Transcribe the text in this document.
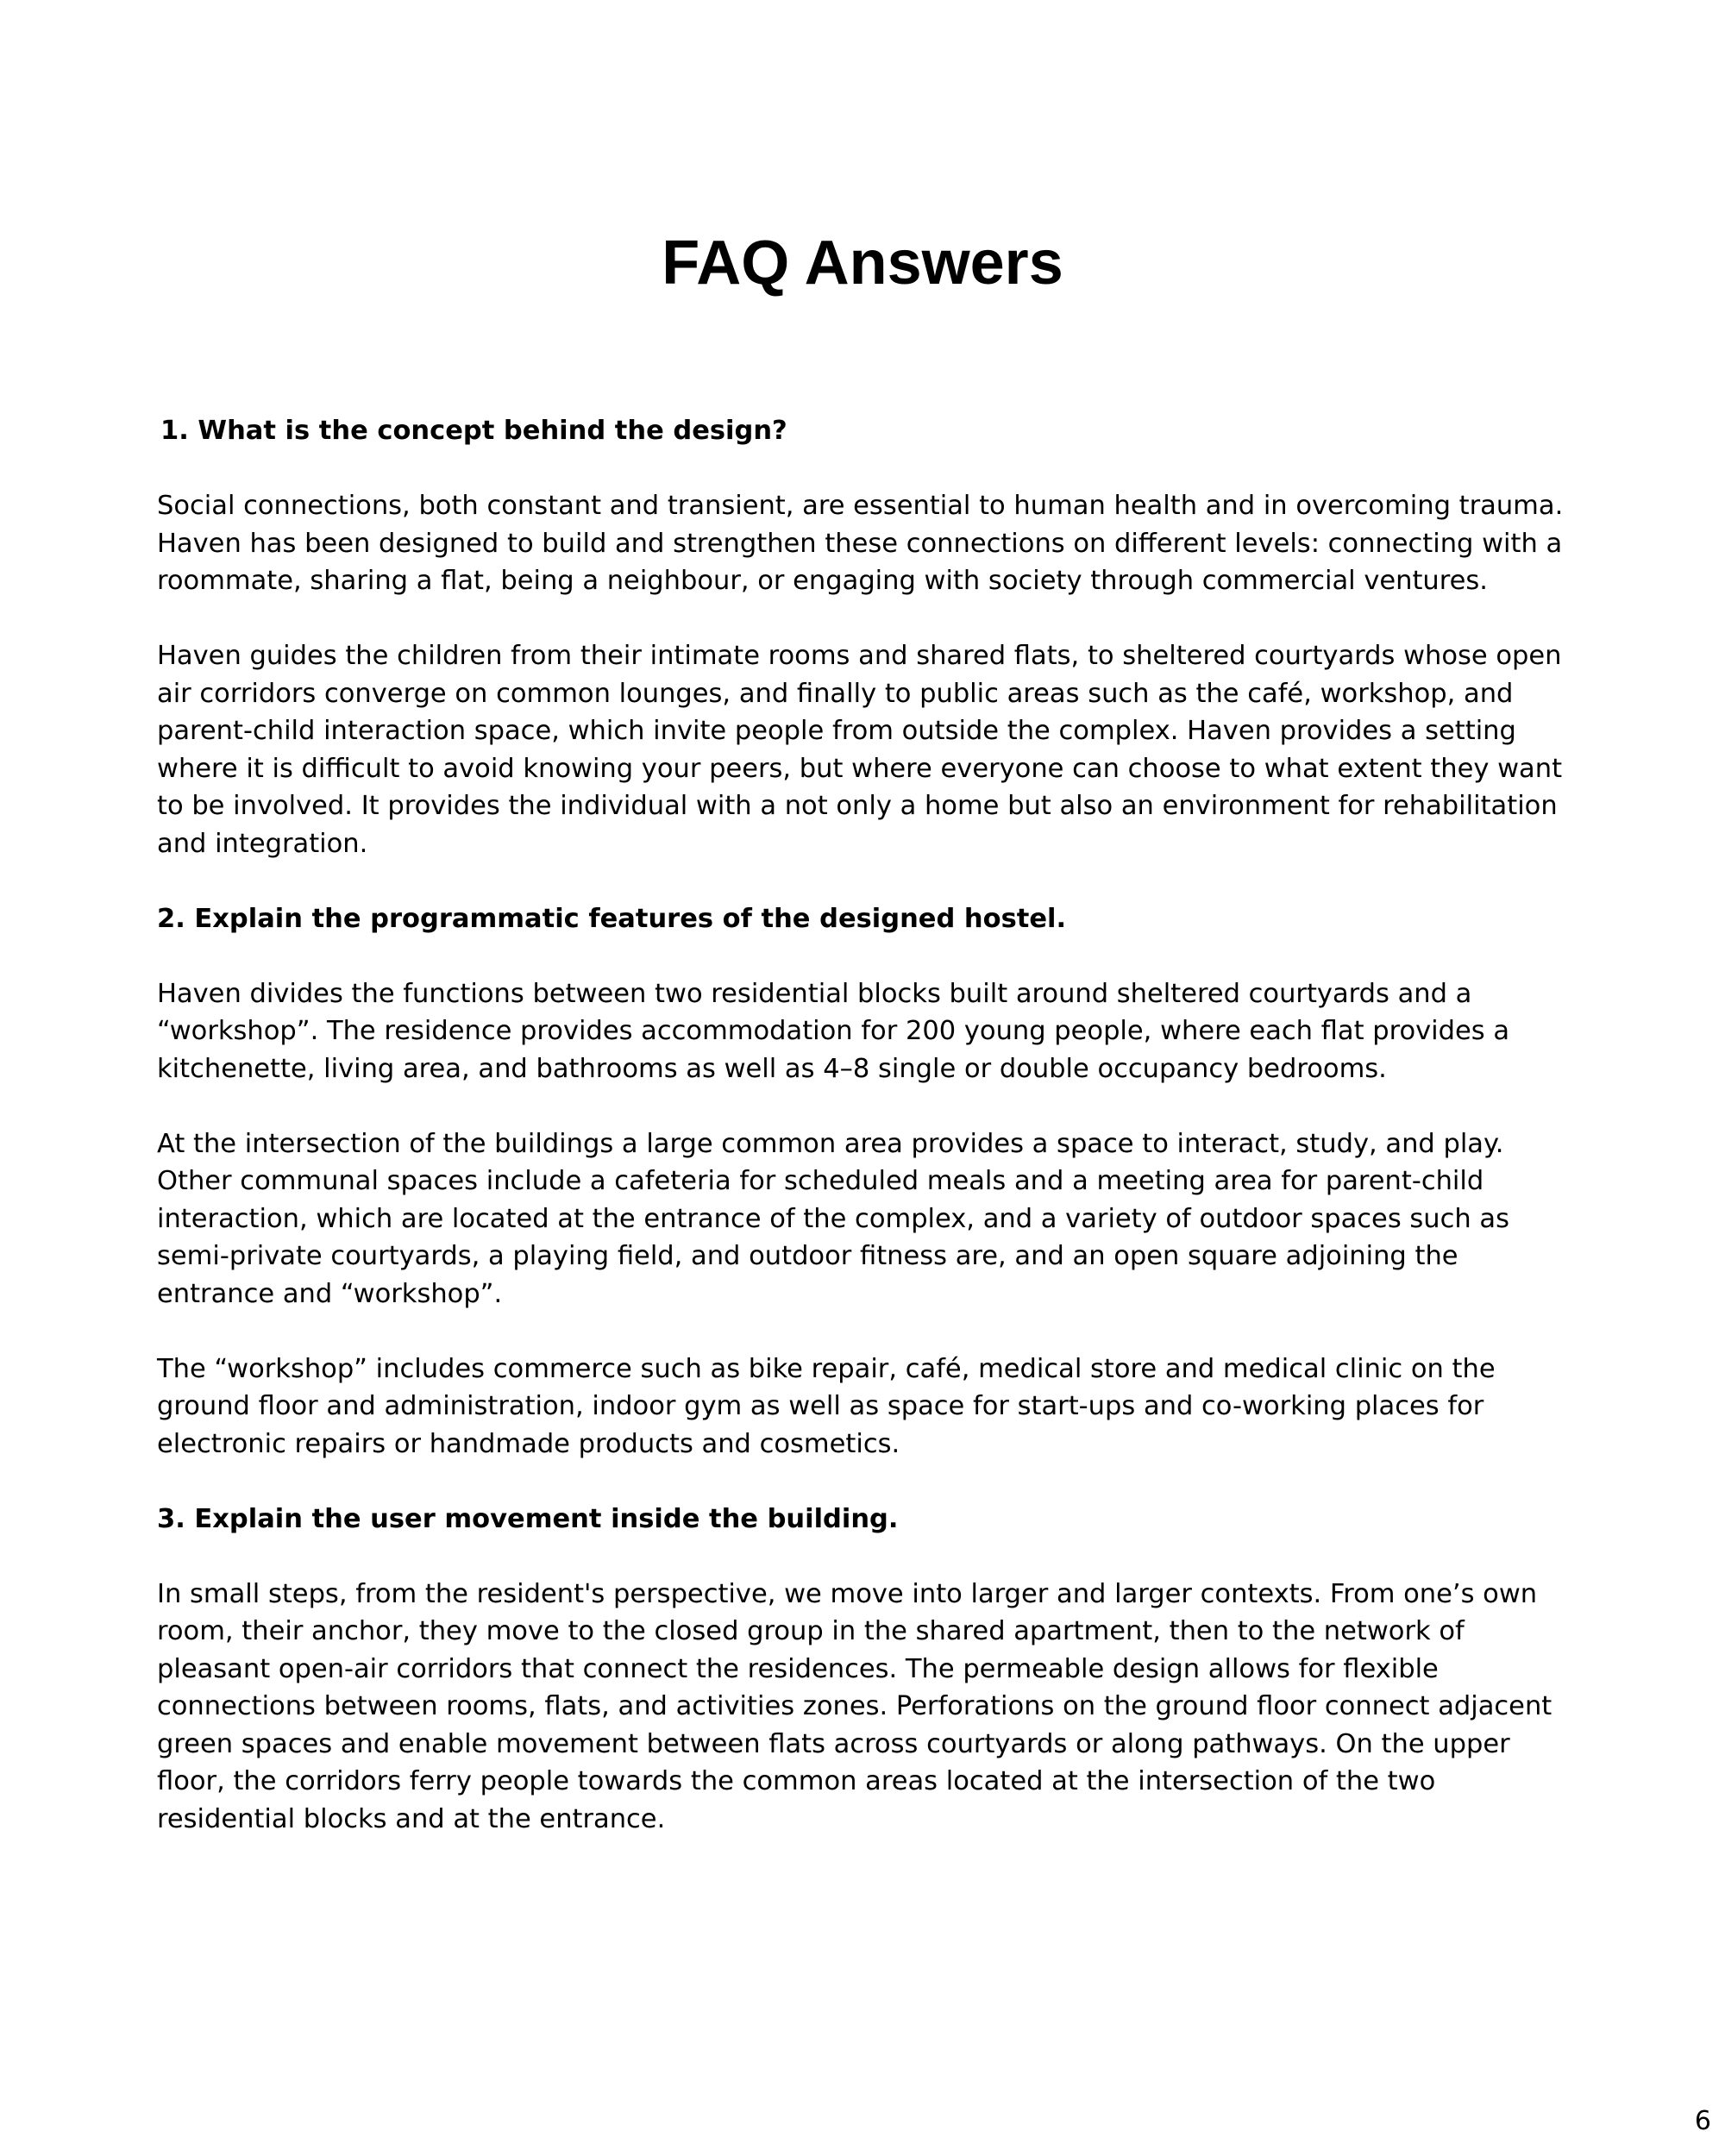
FAQ Answers

1. What is the concept behind the design?

Social connections, both constant and transient, are essential to human health and in overcoming trauma. Haven has been designed to build and strengthen these connections on different levels: connecting with a roommate, sharing a flat, being a neighbour, or engaging with society through commercial ventures.

Haven guides the children from their intimate rooms and shared flats, to sheltered courtyards whose open air corridors converge on common lounges, and finally to public areas such as the café, workshop, and parent-child interaction space, which invite people from outside the complex. Haven provides a setting where it is difficult to avoid knowing your peers, but where everyone can choose to what extent they want to be involved. It provides the individual with a not only a home but also an environment for rehabilitation and integration.

2. Explain the programmatic features of the designed hostel.

Haven divides the functions between two residential blocks built around sheltered courtyards and a “workshop”. The residence provides accommodation for 200 young people, where each flat provides a kitchenette, living area, and bathrooms as well as 4–8 single or double occupancy bedrooms.

At the intersection of the buildings a large common area provides a space to interact, study, and play. Other communal spaces include a cafeteria for scheduled meals and a meeting area for parent-child interaction, which are located at the entrance of the complex, and a variety of outdoor spaces such as semi-private courtyards, a playing field, and outdoor fitness are, and an open square adjoining the entrance and “workshop”.

The “workshop” includes commerce such as bike repair, café, medical store and medical clinic on the ground floor and administration, indoor gym as well as space for start-ups and co-working places for electronic repairs or handmade products and cosmetics.

3. Explain the user movement inside the building.

In small steps, from the resident's perspective, we move into larger and larger contexts. From one’s own room, their anchor, they move to the closed group in the shared apartment, then to the network of pleasant open-air corridors that connect the residences. The permeable design allows for flexible connections between rooms, flats, and activities zones. Perforations on the ground floor connect adjacent green spaces and enable movement between flats across courtyards or along pathways. On the upper floor, the corridors ferry people towards the common areas located at the intersection of the two residential blocks and at the entrance.

6
